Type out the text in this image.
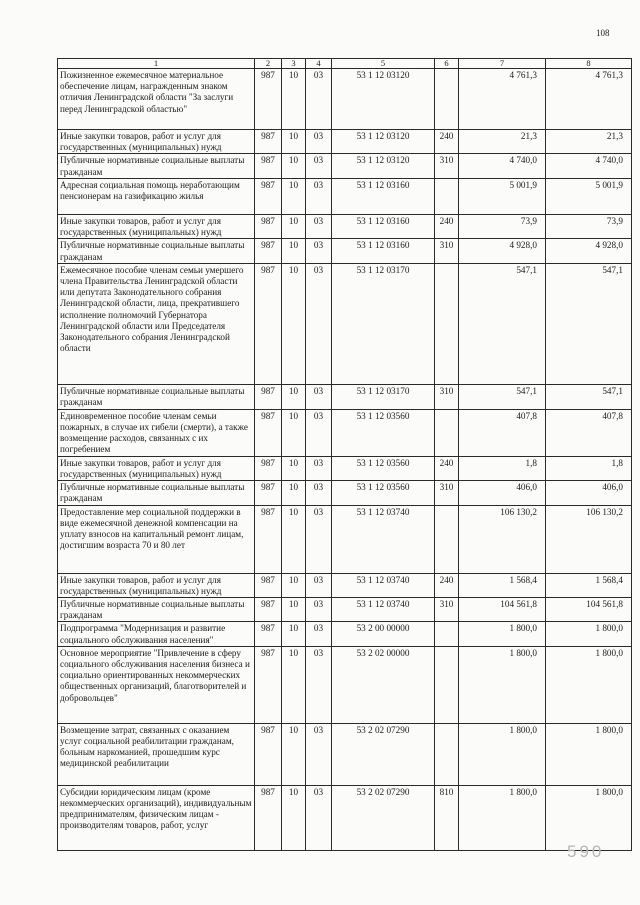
108
1	2	3	4	5	6	7	8
Пожизненное ежемесячное материальное обеспечение лицам, награжденным знаком отличия Ленинградской области "За заслуги перед Ленинградской областью"	987	10	03	53 1 12 03120		4 761,3	4 761,3
Иные закупки товаров, работ и услуг для государственных (муниципальных) нужд	987	10	03	53 1 12 03120	240	21,3	21,3
Публичные нормативные социальные выплаты гражданам	987	10	03	53 1 12 03120	310	4 740,0	4 740,0
Адресная социальная помощь неработающим пенсионерам на газификацию жилья	987	10	03	53 1 12 03160		5 001,9	5 001,9
Иные закупки товаров, работ и услуг для государственных (муниципальных) нужд	987	10	03	53 1 12 03160	240	73,9	73,9
Публичные нормативные социальные выплаты гражданам	987	10	03	53 1 12 03160	310	4 928,0	4 928,0
Ежемесячное пособие членам семьи умершего члена Правительства Ленинградской области или депутата Законодательного собрания Ленинградской области, лица, прекратившего исполнение полномочий Губернатора Ленинградской области или Председателя Законодательного собрания Ленинградской области	987	10	03	53 1 12 03170		547,1	547,1
Публичные нормативные социальные выплаты гражданам	987	10	03	53 1 12 03170	310	547,1	547,1
Единовременное пособие членам семьи пожарных, в случае их гибели (смерти), а также возмещение расходов, связанных с их погребением	987	10	03	53 1 12 03560		407,8	407,8
Иные закупки товаров, работ и услуг для государственных (муниципальных) нужд	987	10	03	53 1 12 03560	240	1,8	1,8
Публичные нормативные социальные выплаты гражданам	987	10	03	53 1 12 03560	310	406,0	406,0
Предоставление мер социальной поддержки в виде ежемесячной денежной компенсации на уплату взносов на капитальный ремонт лицам, достигшим возраста 70 и 80 лет	987	10	03	53 1 12 03740		106 130,2	106 130,2
Иные закупки товаров, работ и услуг для государственных (муниципальных) нужд	987	10	03	53 1 12 03740	240	1 568,4	1 568,4
Публичные нормативные социальные выплаты гражданам	987	10	03	53 1 12 03740	310	104 561,8	104 561,8
Подпрограмма "Модернизация и развитие социального обслуживания населения"	987	10	03	53 2 00 00000		1 800,0	1 800,0
Основное мероприятие "Привлечение в сферу социального обслуживания населения бизнеса и социально ориентированных некоммерческих общественных организаций, благотворителей и добровольцев"	987	10	03	53 2 02 00000		1 800,0	1 800,0
Возмещение затрат, связанных с оказанием услуг социальной реабилитации гражданам, больным наркоманией, прошедшим курс медицинской реабилитации	987	10	03	53 2 02 07290		1 800,0	1 800,0
Субсидии юридическим лицам (кроме некоммерческих организаций), индивидуальным предпринимателям, физическим лицам - производителям товаров, работ, услуг	987	10	03	53 2 02 07290	810	1 800,0	1 800,0
590
